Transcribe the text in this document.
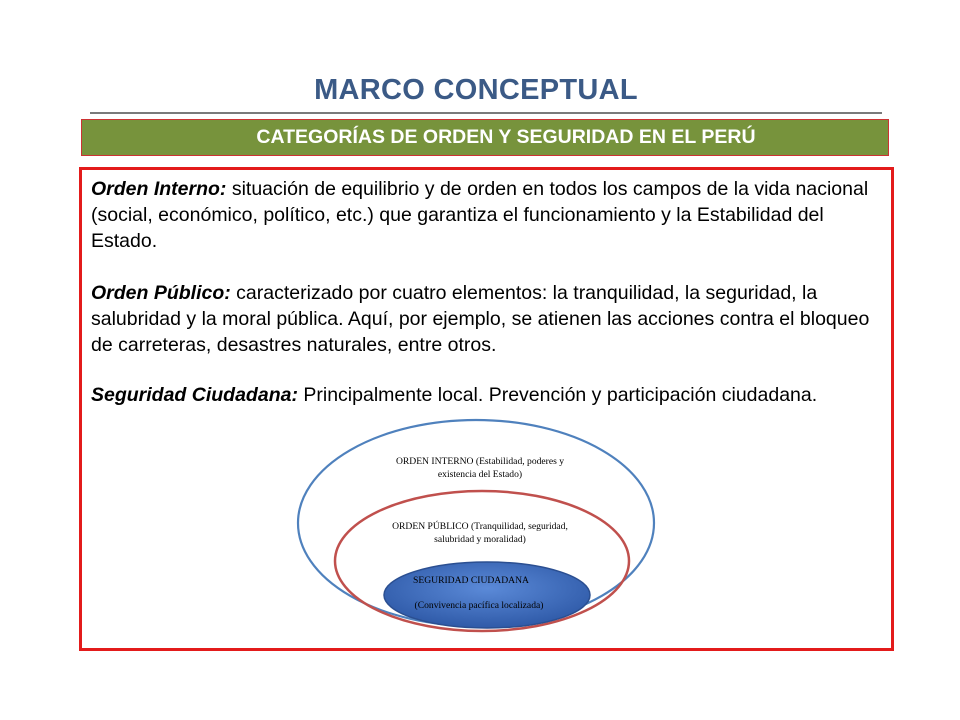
MARCO CONCEPTUAL
CATEGORÍAS DE ORDEN Y SEGURIDAD EN EL PERÚ

Orden Interno: situación de equilibrio y de orden en todos los campos de la vida nacional (social, económico, político, etc.) que garantiza el funcionamiento y la Estabilidad del Estado.

Orden Público: caracterizado por cuatro elementos: la tranquilidad, la seguridad, la salubridad y la moral pública. Aquí, por ejemplo, se atienen las acciones contra el bloqueo de carreteras, desastres naturales, entre otros.

Seguridad Ciudadana: Principalmente local. Prevención y participación ciudadana.

ORDEN INTERNO (Estabilidad, poderes y
existencia del Estado)
ORDEN PÚBLICO (Tranquilidad, seguridad,
salubridad y moralidad)
SEGURIDAD CIUDADANA
(Convivencia pacífica localizada)
